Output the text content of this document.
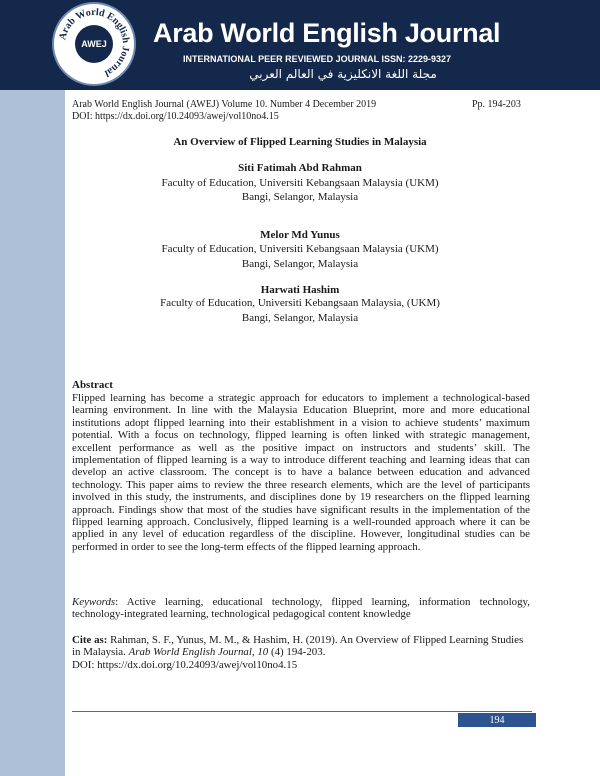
Arab World English Journal
AWEJ Arab World English Journal
INTERNATIONAL PEER REVIEWED JOURNAL ISSN: 2229-9327
مجلة اللغة الانكليزية في العالم العربي
Arab World English Journal (AWEJ) Volume 10. Number 4 December 2019	Pp. 194-203
DOI: https://dx.doi.org/10.24093/awej/vol10no4.15
An Overview of Flipped Learning Studies in Malaysia
Siti Fatimah Abd Rahman
Faculty of Education, Universiti Kebangsaan Malaysia (UKM)
Bangi, Selangor, Malaysia
Melor Md Yunus
Faculty of Education, Universiti Kebangsaan Malaysia (UKM)
Bangi, Selangor, Malaysia
Harwati Hashim
Faculty of Education, Universiti Kebangsaan Malaysia, (UKM)
Bangi, Selangor, Malaysia
Abstract
Flipped learning has become a strategic approach for educators to implement a technological-based learning environment. In line with the Malaysia Education Blueprint, more and more educational institutions adopt flipped learning into their establishment in a vision to achieve students’ maximum potential. With a focus on technology, flipped learning is often linked with strategic management, excellent performance as well as the positive impact on instructors and students’ skill. The implementation of flipped learning is a way to introduce different teaching and learning ideas that can develop an active classroom. The concept is to have a balance between education and advanced technology. This paper aims to review the three research elements, which are the level of participants involved in this study, the instruments, and disciplines done by 19 researchers on the flipped learning approach. Findings show that most of the studies have significant results in the implementation of the flipped learning approach. Conclusively, flipped learning is a well-rounded approach where it can be applied in any level of education regardless of the discipline. However, longitudinal studies can be performed in order to see the long-term effects of the flipped learning approach.
Keywords: Active learning, educational technology, flipped learning, information technology, technology-integrated learning, technological pedagogical content knowledge
Cite as: Rahman, S. F., Yunus, M. M., & Hashim, H. (2019). An Overview of Flipped Learning Studies in Malaysia. Arab World English Journal, 10 (4) 194-203.
DOI: https://dx.doi.org/10.24093/awej/vol10no4.15
194
